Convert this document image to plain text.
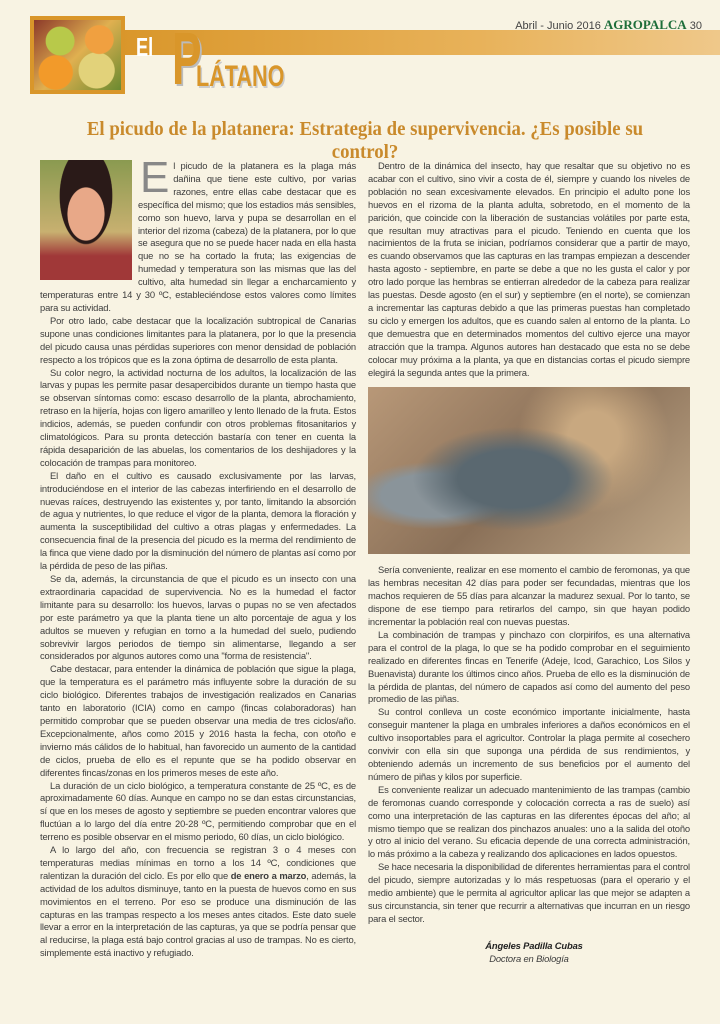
El P
LÁTANO
Abril - Junio 2016 AGROPALCA 30
El picudo de la platanera: Estrategia de supervivencia. ¿Es posible su control?
E l picudo de la platanera es la plaga más dañina que tiene este cultivo, por varias razones, entre ellas cabe destacar que es específica del mismo; que los estadios más sensibles, como son huevo, larva y pupa se desarrollan en el interior del rizoma (cabeza) de la platanera, por lo que se asegura que no se puede hacer nada en ella hasta que no se ha cortado la fruta; las exigencias de humedad y temperatura son las mismas que las del cultivo, alta humedad sin llegar a encharcamiento y temperaturas entre 14 y 30 ºC, estableciéndose estos valores como límites para su actividad.

Por otro lado, cabe destacar que la localización subtropical de Canarias supone unas condiciones limitantes para la platanera, por lo que la presencia del picudo causa unas pérdidas superiores con menor densidad de población respecto a los trópicos que es la zona óptima de desarrollo de esta planta.

Su color negro, la actividad nocturna de los adultos, la localización de las larvas y pupas les permite pasar desapercibidos durante un tiempo hasta que se observan síntomas como: escaso desarrollo de la planta, abrochamiento, retraso en la hijería, hojas con ligero amarilleo y lento llenado de la fruta. Estos indicios, además, se pueden confundir con otros problemas fitosanitarios y climatológicos. Para su pronta detección bastaría con tener en cuenta la rápida desaparición de las abuelas, los comentarios de los deshijadores y la colocación de trampas para monitoreo.

El daño en el cultivo es causado exclusivamente por las larvas, introduciéndose en el interior de las cabezas interfiriendo en el desarrollo de nuevas raíces, destruyendo las existentes y, por tanto, limitando la absorción de agua y nutrientes, lo que reduce el vigor de la planta, demora la floración y aumenta la susceptibilidad del cultivo a otras plagas y enfermedades. La consecuencia final de la presencia del picudo es la merma del rendimiento de la finca que viene dado por la disminución del número de plantas así como por la pérdida de peso de las piñas.

Se da, además, la circunstancia de que el picudo es un insecto con una extraordinaria capacidad de supervivencia. No es la humedad el factor limitante para su desarrollo: los huevos, larvas o pupas no se ven afectados por este parámetro ya que la planta tiene un alto porcentaje de agua y los adultos se mueven y refugian en torno a la humedad del suelo, pudiendo sobrevivir largos periodos de tiempo sin alimentarse, llegando a ser considerados por algunos autores como una "forma de resistencia".

Cabe destacar, para entender la dinámica de población que sigue la plaga, que la temperatura es el parámetro más influyente sobre la duración de su ciclo biológico. Diferentes trabajos de investigación realizados en Canarias tanto en laboratorio (ICIA) como en campo (fincas colaboradoras) han permitido comprobar que se pueden observar una media de tres ciclos/año. Excepcionalmente, años como 2015 y 2016 hasta la fecha, con otoño e invierno más cálidos de lo habitual, han favorecido un aumento de la cantidad de ciclos, prueba de ello es el repunte que se ha podido observar en diferentes fincas/zonas en los primeros meses de este año.

La duración de un ciclo biológico, a temperatura constante de 25 ºC, es de aproximadamente 60 días. Aunque en campo no se dan estas circunstancias, sí que en los meses de agosto y septiembre se pueden encontrar valores que fluctúan a lo largo del día entre 20-28 ºC, permitiendo comprobar que en el terreno es posible observar en el mismo periodo, 60 días, un ciclo biológico.

A lo largo del año, con frecuencia se registran 3 o 4 meses con temperaturas medias mínimas en torno a los 14 ºC, condiciones que ralentizan la duración del ciclo. Es por ello que de enero a marzo, además, la actividad de los adultos disminuye, tanto en la puesta de huevos como en sus movimientos en el terreno. Por eso se produce una disminución de las capturas en las trampas respecto a los meses antes citados. Este dato suele llevar a error en la interpretación de las capturas, ya que se podría pensar que al reducirse, la plaga está bajo control gracias al uso de trampas. No es cierto, simplemente está inactivo y refugiado.

Dentro de la dinámica del insecto, hay que resaltar que su objetivo no es acabar con el cultivo, sino vivir a costa de él, siempre y cuando los niveles de población no sean excesivamente elevados. En principio el adulto pone los huevos en el rizoma de la planta adulta, sobretodo, en el momento de la parición, que coincide con la liberación de sustancias volátiles por parte esta, que resultan muy atractivas para el picudo. Teniendo en cuenta que los nacimientos de la fruta se inician, podríamos considerar que a partir de mayo, es cuando observamos que las capturas en las trampas empiezan a descender hasta agosto - septiembre, en parte se debe a que no les gusta el calor y por otro lado porque las hembras se entierran alrededor de la cabeza para realizar las puestas. Desde agosto (en el sur) y septiembre (en el norte), se comienzan a incrementar las capturas debido a que las primeras puestas han completado su ciclo y emergen los adultos, que es cuando salen al entorno de la planta. Lo que demuestra que en determinados momentos del cultivo ejerce una mayor atracción que la trampa. Algunos autores han destacado que esta no se debe colocar muy próxima a la planta, ya que en distancias cortas el picudo siempre elegirá la segunda antes que la primera.

Sería conveniente, realizar en ese momento el cambio de feromonas, ya que las hembras necesitan 42 días para poder ser fecundadas, mientras que los machos requieren de 55 días para alcanzar la madurez sexual. Por lo tanto, se dispone de ese tiempo para retirarlos del campo, sin que hayan podido incrementar la población real con nuevas puestas.

La combinación de trampas y pinchazo con clorpirifos, es una alternativa para el control de la plaga, lo que se ha podido comprobar en el seguimiento realizado en diferentes fincas en Tenerife (Adeje, Icod, Garachico, Los Silos y Buenavista) durante los últimos cinco años. Prueba de ello es la disminución de la pérdida de plantas, del número de capados así como del aumento del peso promedio de las piñas.

Su control conlleva un coste económico importante inicialmente, hasta conseguir mantener la plaga en umbrales inferiores a daños económicos en el cultivo insoportables para el agricultor. Controlar la plaga permite al cosechero convivir con ella sin que suponga una pérdida de sus rendimientos, y obteniendo además un incremento de sus beneficios por el aumento del número de piñas y kilos por superficie.

Es conveniente realizar un adecuado mantenimiento de las trampas (cambio de feromonas cuando corresponde y colocación correcta a ras de suelo) así como una interpretación de las capturas en las diferentes épocas del año; al mismo tiempo que se realizan dos pinchazos anuales: uno a la salida del otoño y otro al inicio del verano. Su eficacia depende de una correcta administración, lo más próximo a la cabeza y realizando dos aplicaciones en lados opuestos.

Se hace necesaria la disponibilidad de diferentes herramientas para el control del picudo, siempre autorizadas y lo más respetuosas (para el operario y el medio ambiente) que le permita al agricultor aplicar las que mejor se adapten a sus circunstancia, sin tener que recurrir a alternativas que incurran en un riesgo para el sector.

Ángeles Padilla Cubas
Doctora en Biología
